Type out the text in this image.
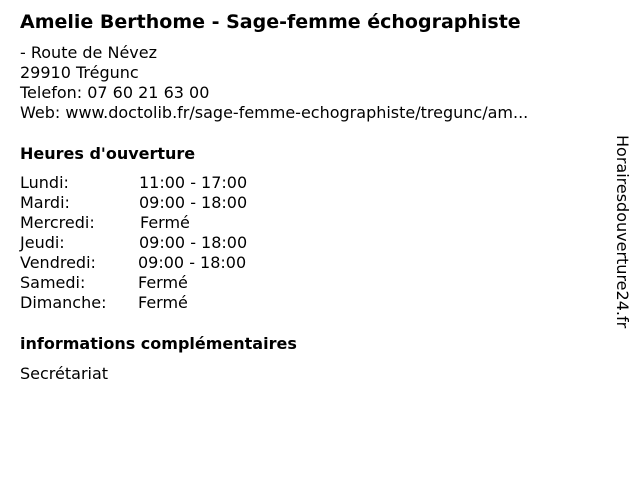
Amelie Berthome - Sage-femme échographiste
- Route de Névez
29910 Trégunc
Telefon: 07 60 21 63 00
Web: www.doctolib.fr/sage-femme-echographiste/tregunc/am...
Heures d'ouverture
Lundi:	11:00 - 17:00
Mardi:	09:00 - 18:00
Mercredi:	Fermé
Jeudi:	09:00 - 18:00
Vendredi:	09:00 - 18:00
Samedi:	Fermé
Dimanche: Fermé
informations complémentaires
Secrétariat
Horairesdouverture24.fr
